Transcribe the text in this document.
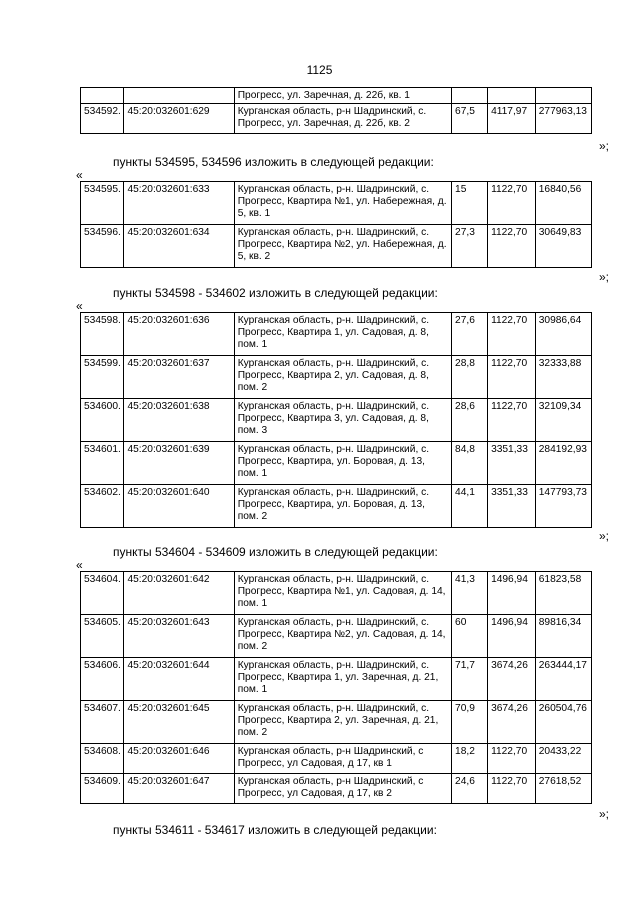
1125
		Прогресс, ул. Заречная, д. 22б, кв. 1			
534592.	45:20:032601:629	Курганская область, р-н Шадринский, с. Прогресс, ул. Заречная, д. 22б, кв. 2	67,5	4117,97	277963,13
»;
пункты 534595, 534596 изложить в следующей редакции:
«
534595.	45:20:032601:633	Курганская область, р-н. Шадринский, с. Прогресс, Квартира №1, ул. Набережная, д. 5, кв. 1	15	1122,70	16840,56
534596.	45:20:032601:634	Курганская область, р-н. Шадринский, с. Прогресс, Квартира №2, ул. Набережная, д. 5, кв. 2	27,3	1122,70	30649,83
»;
пункты 534598 - 534602 изложить в следующей редакции:
«
534598.	45:20:032601:636	Курганская область, р-н. Шадринский, с. Прогресс, Квартира 1, ул. Садовая, д. 8, пом. 1	27,6	1122,70	30986,64
534599.	45:20:032601:637	Курганская область, р-н. Шадринский, с. Прогресс, Квартира 2, ул. Садовая, д. 8, пом. 2	28,8	1122,70	32333,88
534600.	45:20:032601:638	Курганская область, р-н. Шадринский, с. Прогресс, Квартира 3, ул. Садовая, д. 8, пом. 3	28,6	1122,70	32109,34
534601.	45:20:032601:639	Курганская область, р-н. Шадринский, с. Прогресс, Квартира, ул. Боровая, д. 13, пом. 1	84,8	3351,33	284192,93
534602.	45:20:032601:640	Курганская область, р-н. Шадринский, с. Прогресс, Квартира, ул. Боровая, д. 13, пом. 2	44,1	3351,33	147793,73
»;
пункты 534604 - 534609 изложить в следующей редакции:
«
534604.	45:20:032601:642	Курганская область, р-н. Шадринский, с. Прогресс, Квартира №1, ул. Садовая, д. 14, пом. 1	41,3	1496,94	61823,58
534605.	45:20:032601:643	Курганская область, р-н. Шадринский, с. Прогресс, Квартира №2, ул. Садовая, д. 14, пом. 2	60	1496,94	89816,34
534606.	45:20:032601:644	Курганская область, р-н. Шадринский, с. Прогресс, Квартира 1, ул. Заречная, д. 21, пом. 1	71,7	3674,26	263444,17
534607.	45:20:032601:645	Курганская область, р-н. Шадринский, с. Прогресс, Квартира 2, ул. Заречная, д. 21, пом. 2	70,9	3674,26	260504,76
534608.	45:20:032601:646	Курганская область, р-н Шадринский, с Прогресс, ул Садовая, д 17, кв 1	18,2	1122,70	20433,22
534609.	45:20:032601:647	Курганская область, р-н Шадринский, с Прогресс, ул Садовая, д 17, кв 2	24,6	1122,70	27618,52
»;
пункты 534611 - 534617 изложить в следующей редакции:
